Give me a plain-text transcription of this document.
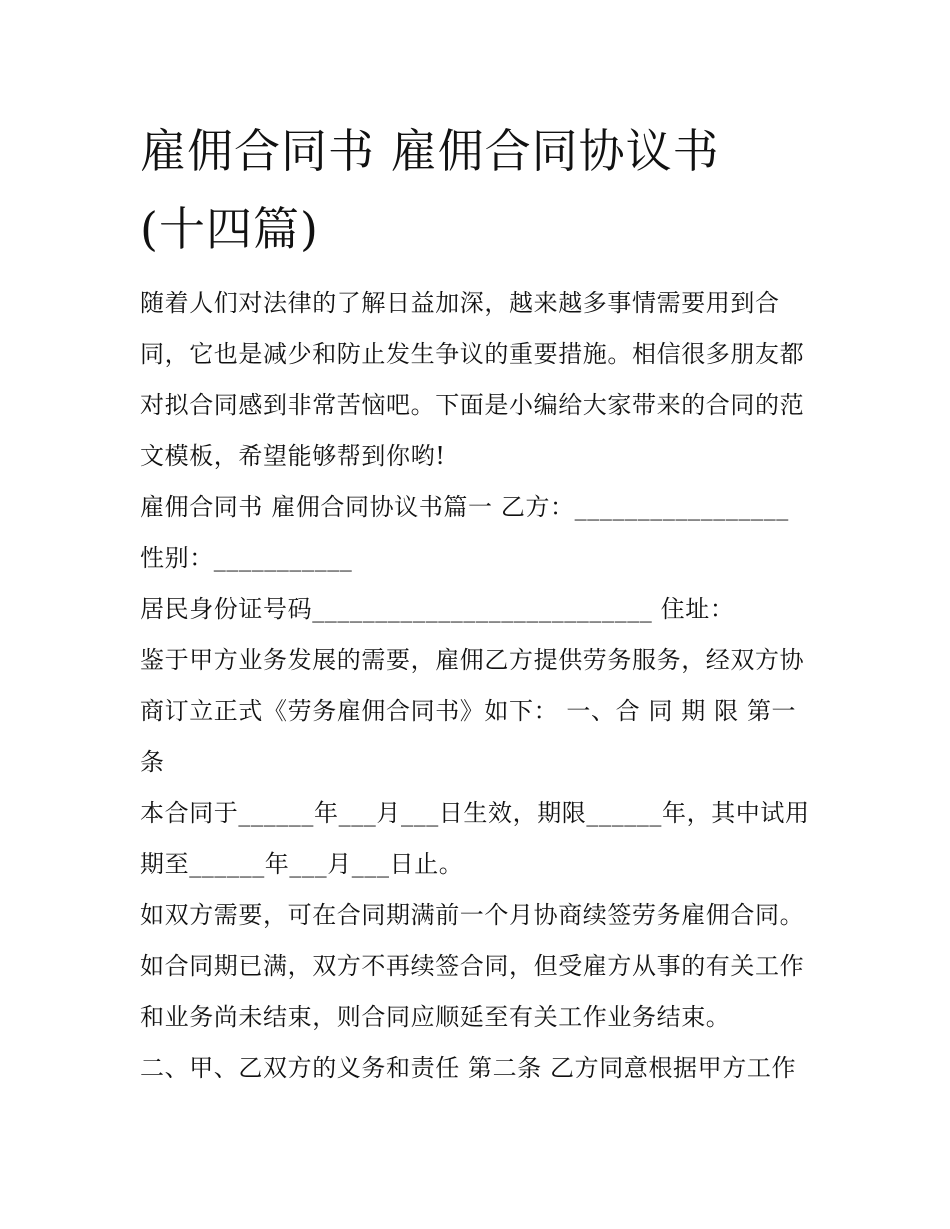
雇佣合同书 雇佣合同协议书
(十四篇)
随着人们对法律的了解日益加深，越来越多事情需要用到合
同，它也是减少和防止发生争议的重要措施。相信很多朋友都
对拟合同感到非常苦恼吧。下面是小编给大家带来的合同的范
文模板，希望能够帮到你哟!
雇佣合同书 雇佣合同协议书篇一 乙方：_________________
性别：___________
居民身份证号码___________________________ 住址：
鉴于甲方业务发展的需要，雇佣乙方提供劳务服务，经双方协
商订立正式《劳务雇佣合同书》如下： 一、合 同 期 限 第一
条
本合同于______年___月___日生效，期限______年，其中试用
期至______年___月___日止。
如双方需要，可在合同期满前一个月协商续签劳务雇佣合同。
如合同期已满，双方不再续签合同，但受雇方从事的有关工作
和业务尚未结束，则合同应顺延至有关工作业务结束。
二、甲、乙双方的义务和责任 第二条 乙方同意根据甲方工作
